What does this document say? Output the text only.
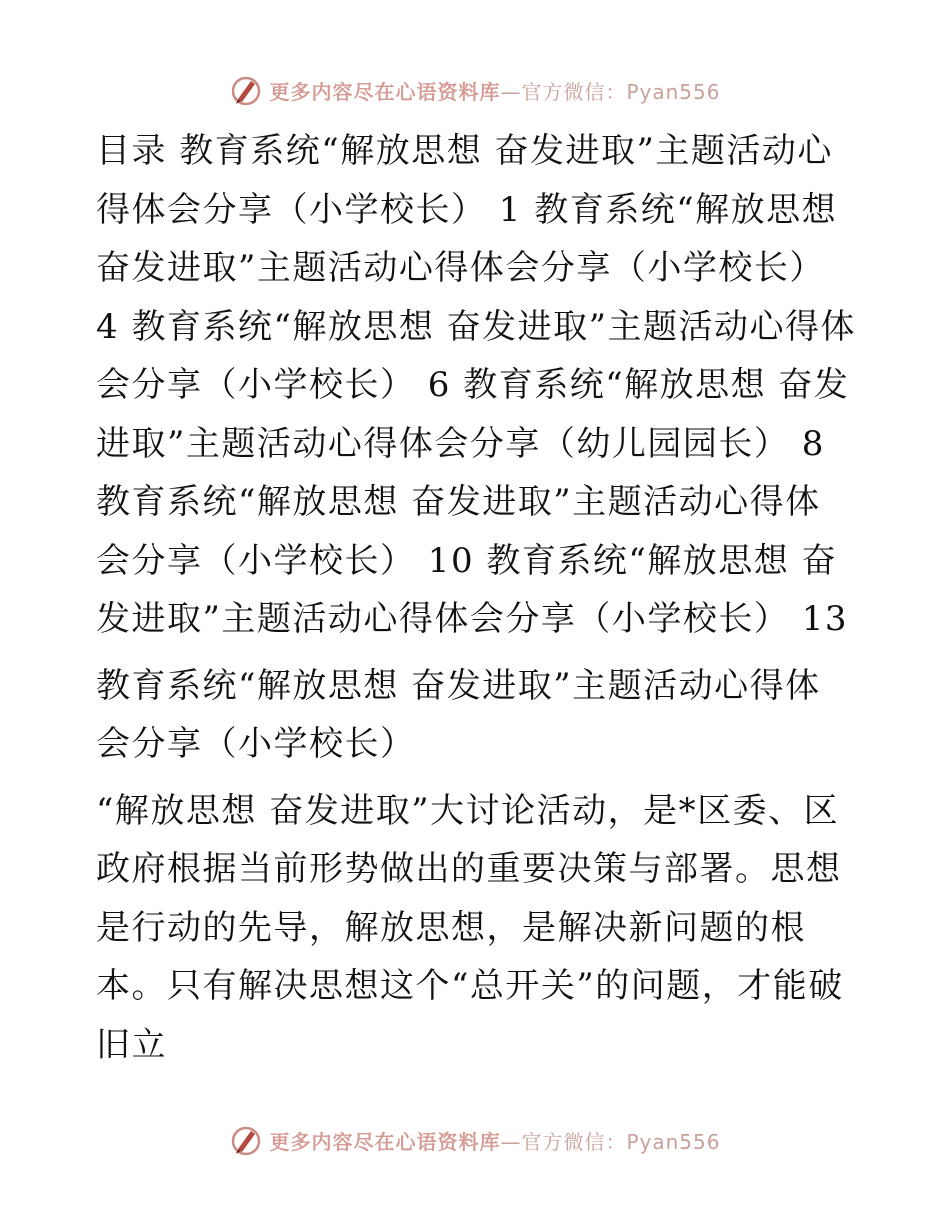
更多内容尽在心语资料库—官方微信：Pyan556

目录 教育系统“解放思想 奋发进取”主题活动心得体会分享（小学校长） 1 教育系统“解放思想 奋发进取”主题活动心得体会分享（小学校长） 4 教育系统“解放思想 奋发进取”主题活动心得体会分享（小学校长） 6 教育系统“解放思想 奋发进取”主题活动心得体会分享（幼儿园园长） 8 教育系统“解放思想 奋发进取”主题活动心得体会分享（小学校长） 10 教育系统“解放思想 奋发进取”主题活动心得体会分享（小学校长） 13

教育系统“解放思想 奋发进取”主题活动心得体会分享（小学校长）

“解放思想 奋发进取”大讨论活动，是*区委、区政府根据当前形势做出的重要决策与部署。思想是行动的先导，解放思想，是解决新问题的根本。只有解决思想这个“总开关”的问题，才能破旧立

更多内容尽在心语资料库—官方微信：Pyan556
